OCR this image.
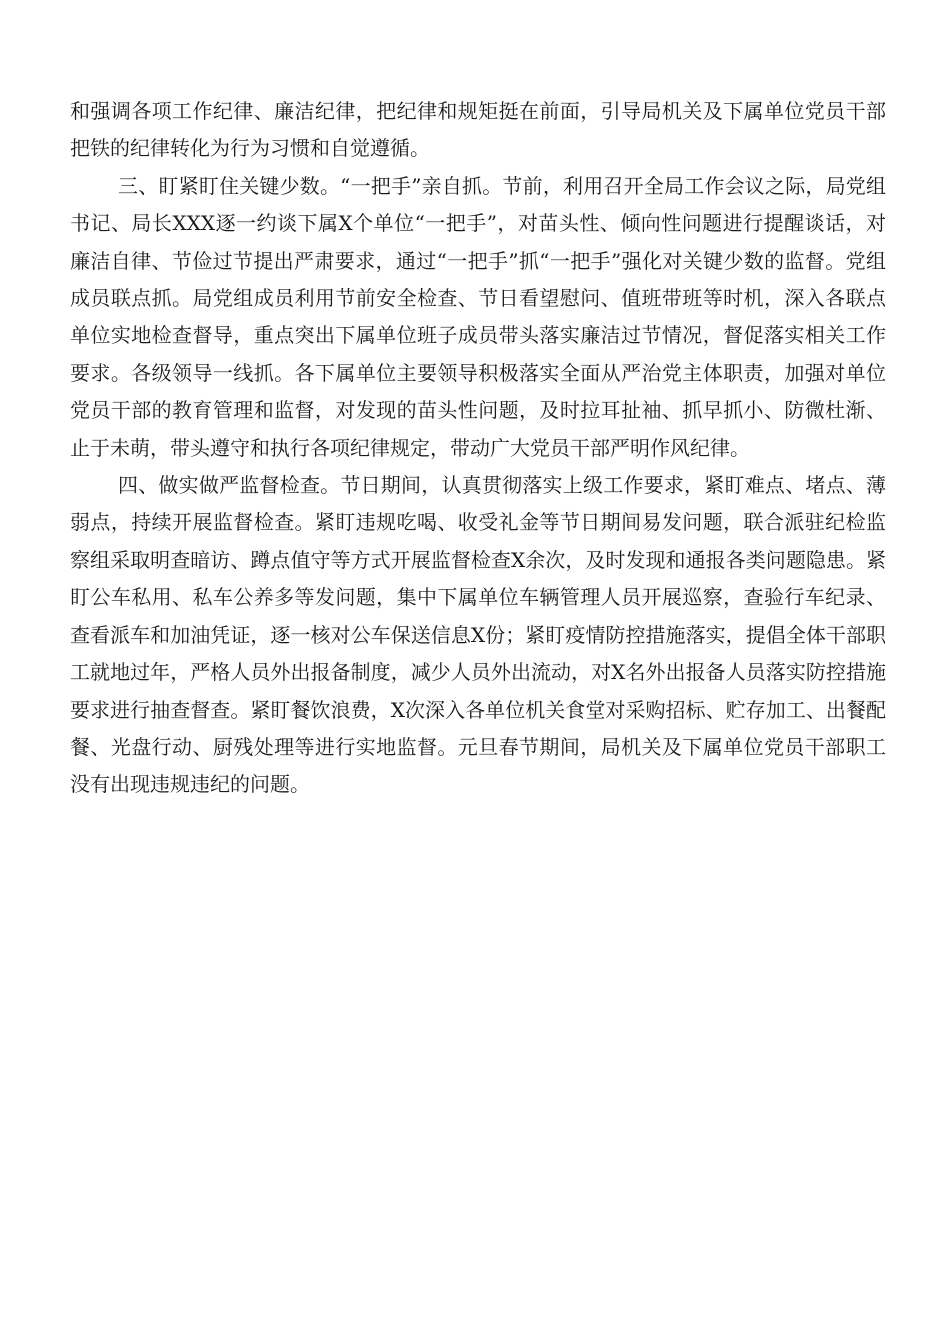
和强调各项工作纪律、廉洁纪律，把纪律和规矩挺在前面，引导局机关及下属单位党员干部把铁的纪律转化为行为习惯和自觉遵循。

三、盯紧盯住关键少数。“一把手”亲自抓。节前，利用召开全局工作会议之际，局党组书记、局长XXX逐一约谈下属X个单位“一把手”，对苗头性、倾向性问题进行提醒谈话，对廉洁自律、节俭过节提出严肃要求，通过“一把手”抓“一把手”强化对关键少数的监督。党组成员联点抓。局党组成员利用节前安全检查、节日看望慰问、值班带班等时机，深入各联点单位实地检查督导，重点突出下属单位班子成员带头落实廉洁过节情况，督促落实相关工作要求。各级领导一线抓。各下属单位主要领导积极落实全面从严治党主体职责，加强对单位党员干部的教育管理和监督，对发现的苗头性问题，及时拉耳扯袖、抓早抓小、防微杜渐、止于未萌，带头遵守和执行各项纪律规定，带动广大党员干部严明作风纪律。

四、做实做严监督检查。节日期间，认真贯彻落实上级工作要求，紧盯难点、堵点、薄弱点，持续开展监督检查。紧盯违规吃喝、收受礼金等节日期间易发问题，联合派驻纪检监察组采取明查暗访、蹲点值守等方式开展监督检查X余次，及时发现和通报各类问题隐患。紧盯公车私用、私车公养多等发问题，集中下属单位车辆管理人员开展巡察，查验行车纪录、查看派车和加油凭证，逐一核对公车保送信息X份；紧盯疫情防控措施落实，提倡全体干部职工就地过年，严格人员外出报备制度，减少人员外出流动，对X名外出报备人员落实防控措施要求进行抽查督查。紧盯餐饮浪费，X次深入各单位机关食堂对采购招标、贮存加工、出餐配餐、光盘行动、厨残处理等进行实地监督。元旦春节期间，局机关及下属单位党员干部职工没有出现违规违纪的问题。
